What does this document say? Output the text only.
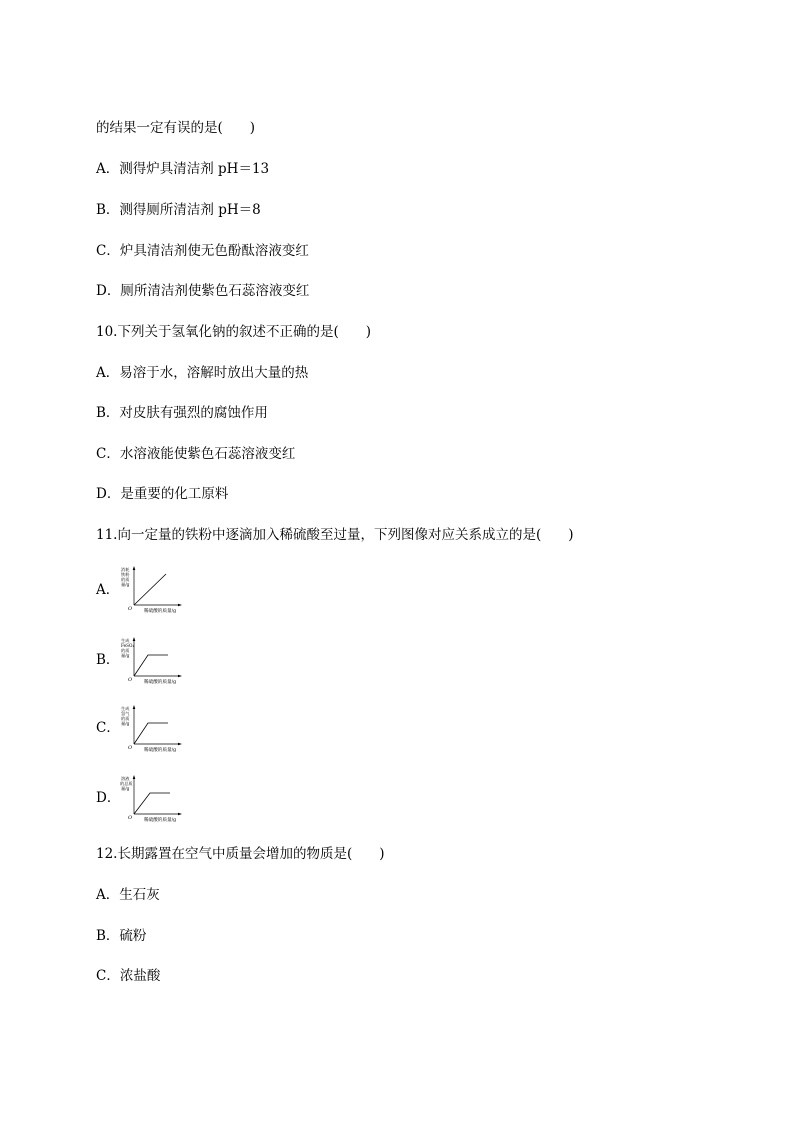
的结果一定有误的是(　　)
A．测得炉具清洁剂 pH＝13
B．测得厕所清洁剂 pH＝8
C．炉具清洁剂使无色酚酞溶液变红
D．厕所清洁剂使紫色石蕊溶液变红
10.下列关于氢氧化钠的叙述不正确的是(　　)
A．易溶于水，溶解时放出大量的热
B．对皮肤有强烈的腐蚀作用
C．水溶液能使紫色石蕊溶液变红
D．是重要的化工原料
11.向一定量的铁粉中逐滴加入稀硫酸至过量，下列图像对应关系成立的是(　　)
A．
消耗
铁粉
的质
量/g
O	稀硫酸的质量/g
B．
生成
FeSO₄
的质
量/g
O	稀硫酸的质量/g
C．
生成
氢气
的质
量/g
O	稀硫酸的质量/g
D．
溶液
的总质
量/g
O	稀硫酸的质量/g
12.长期露置在空气中质量会增加的物质是(　　)
A．生石灰
B．硫粉
C．浓盐酸
